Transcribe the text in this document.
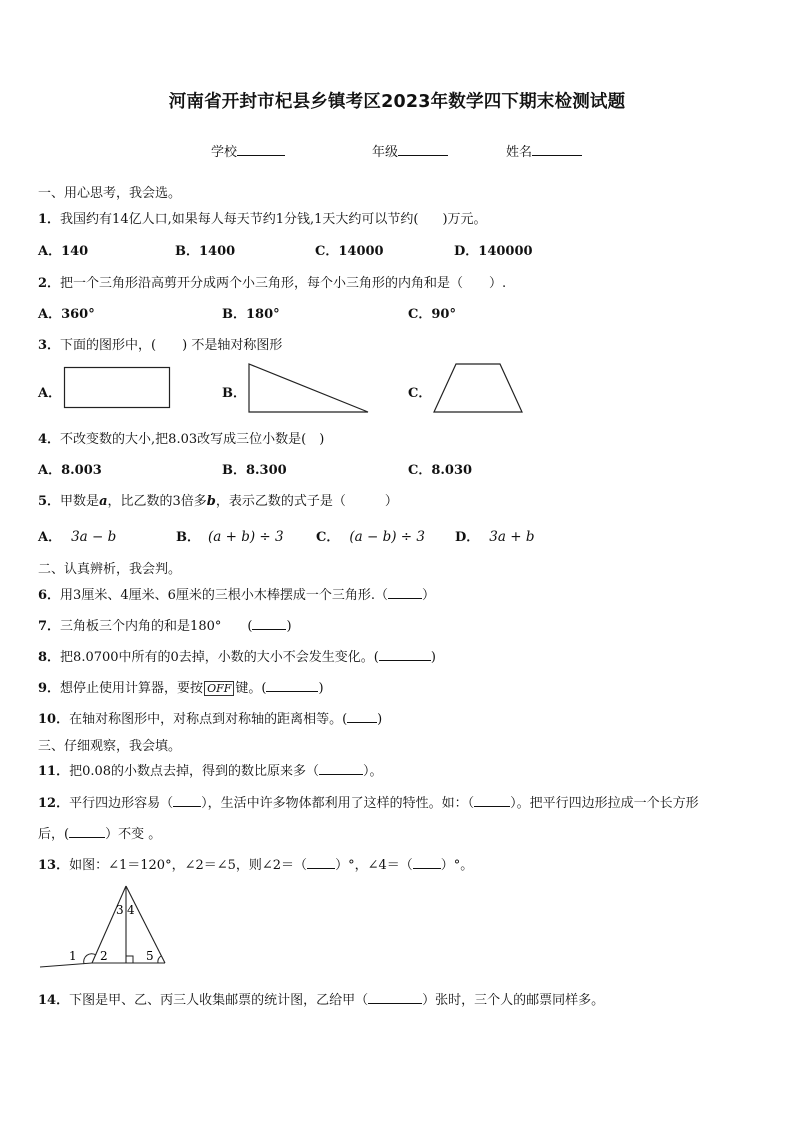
河南省开封市杞县乡镇考区2023年数学四下期末检测试题
学校	年级	姓名
一、用心思考，我会选。
1．我国约有14亿人口,如果每人每天节约1分钱,1天大约可以节约( )万元。
A．140	B．1400	C．14000	D．140000
2．把一个三角形沿高剪开分成两个小三角形，每个小三角形的内角和是（　　）.
A．360°	B．180°	C．90°
3．下面的图形中，(　　) 不是轴对称图形
A．	B．	C．
4．不改变数的大小,把8.03改写成三位小数是(　)
A．8.003	B．8.300	C．8.030
5．甲数是a，比乙数的3倍多b，表示乙数的式子是（　　　）
A． 3a − b	B． (a + b) ÷ 3 C． (a − b) ÷ 3 D． 3a + b
二、认真辨析，我会判。
6．用3厘米、4厘米、6厘米的三根小木棒摆成一个三角形.（	）
7．三角板三个内角的和是180°　　(	)
8．把8.0700中所有的0去掉，小数的大小不会发生变化。(	)
9．想停止使用计算器，要按 OFF 键。(	)
10．在轴对称图形中，对称点到对称轴的距离相等。( )
三、仔细观察，我会填。
11．把0.08的小数点去掉，得到的数比原来多（	）。
12．平行四边形容易（ ），生活中许多物体都利用了这样的特性。如：（	）。把平行四边形拉成一个长方形
后，(	）不变 。
13．如图：∠1＝120°，∠2＝∠5，则∠2＝（ ）°，∠4＝（ ）°。
1 2
3 4
5
14．下图是甲、乙、丙三人收集邮票的统计图，乙给甲（	）张时，三个人的邮票同样多。
